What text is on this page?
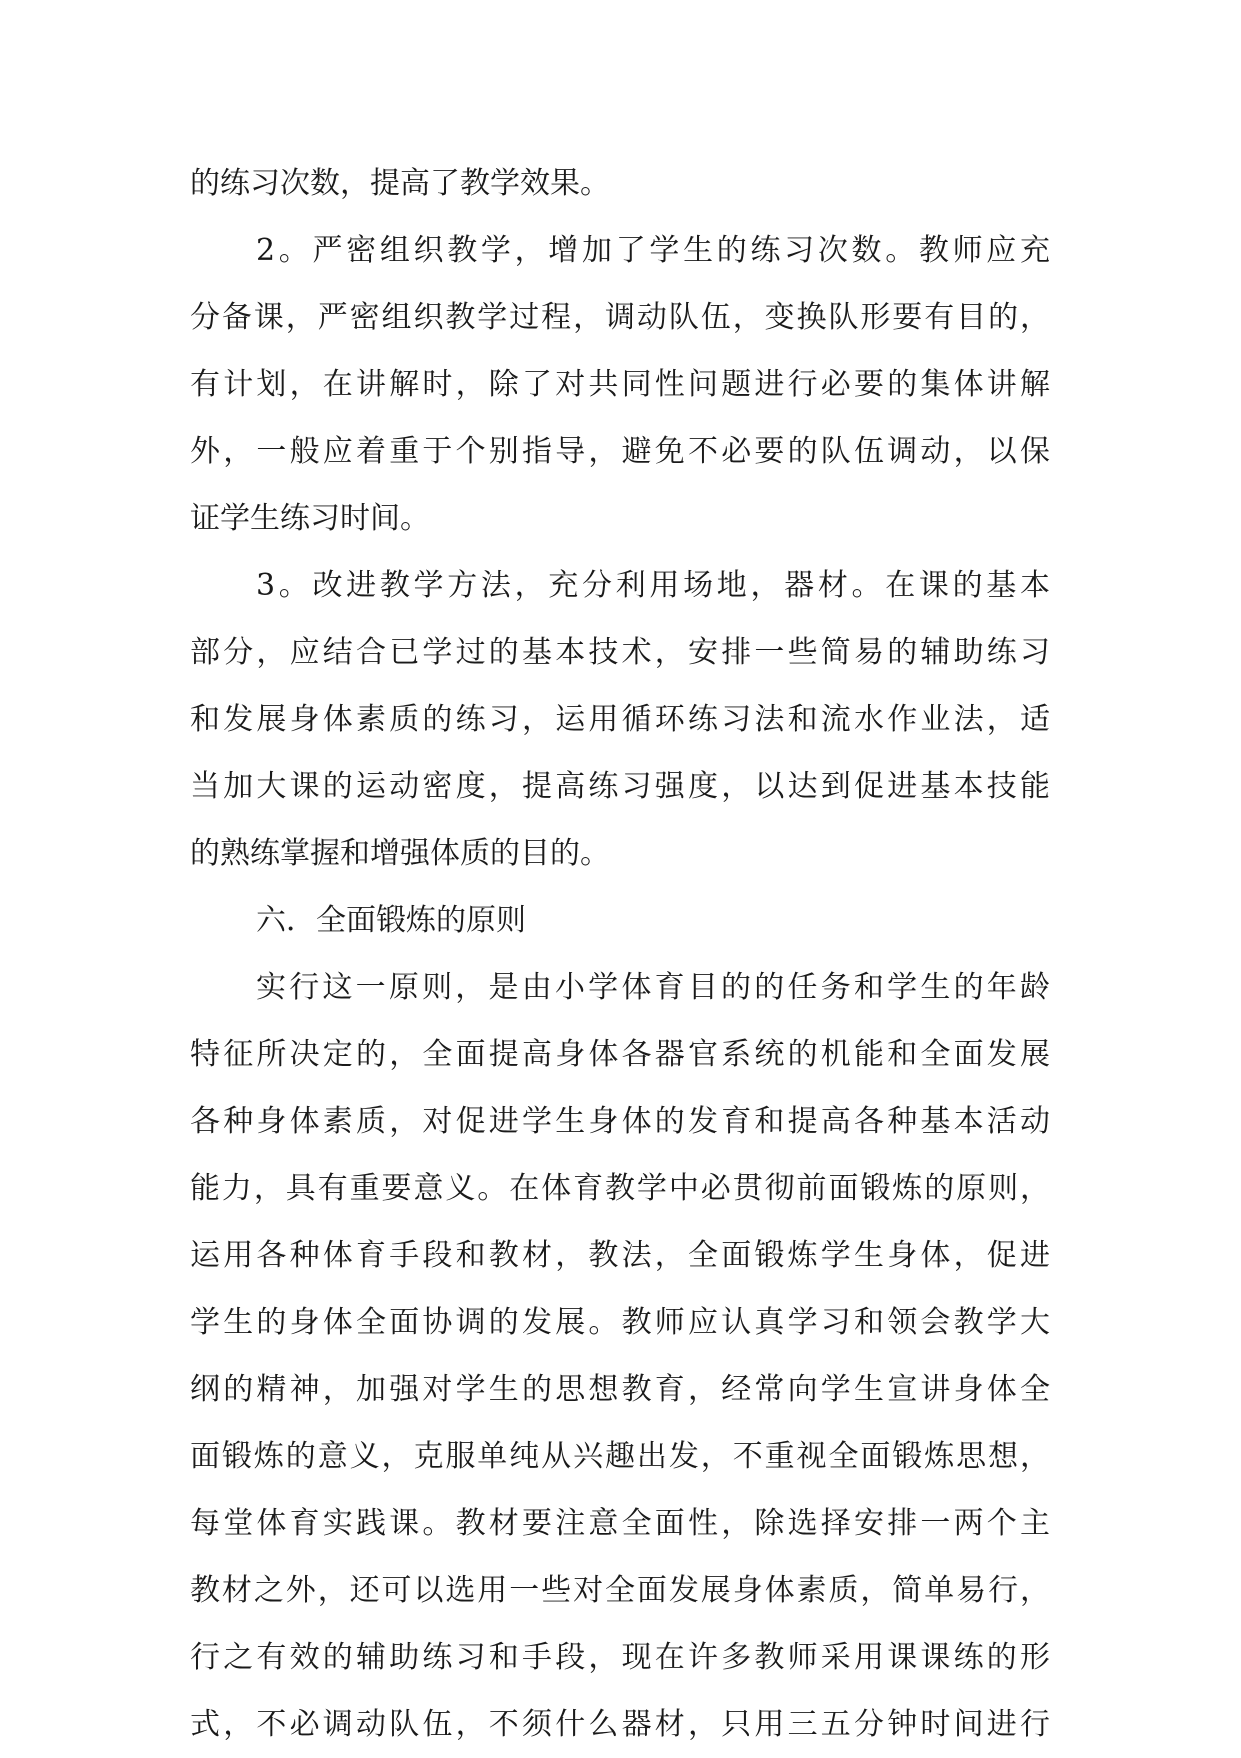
的练习次数，提高了教学效果。
2。严密组织教学，增加了学生的练习次数。教师应充
分备课，严密组织教学过程，调动队伍，变换队形要有目的，
有计划，在讲解时，除了对共同性问题进行必要的集体讲解
外，一般应着重于个别指导，避免不必要的队伍调动，以保
证学生练习时间。
3。改进教学方法，充分利用场地，器材。在课的基本
部分，应结合已学过的基本技术，安排一些简易的辅助练习
和发展身体素质的练习，运用循环练习法和流水作业法，适
当加大课的运动密度，提高练习强度，以达到促进基本技能
的熟练掌握和增强体质的目的。
六．全面锻炼的原则
实行这一原则，是由小学体育目的的任务和学生的年龄
特征所决定的，全面提高身体各器官系统的机能和全面发展
各种身体素质，对促进学生身体的发育和提高各种基本活动
能力，具有重要意义。在体育教学中必贯彻前面锻炼的原则，
运用各种体育手段和教材，教法，全面锻炼学生身体，促进
学生的身体全面协调的发展。教师应认真学习和领会教学大
纲的精神，加强对学生的思想教育，经常向学生宣讲身体全
面锻炼的意义，克服单纯从兴趣出发，不重视全面锻炼思想，
每堂体育实践课。教材要注意全面性，除选择安排一两个主
教材之外，还可以选用一些对全面发展身体素质，简单易行，
行之有效的辅助练习和手段，现在许多教师采用课课练的形
式，不必调动队伍，不须什么器材，只用三五分钟时间进行
